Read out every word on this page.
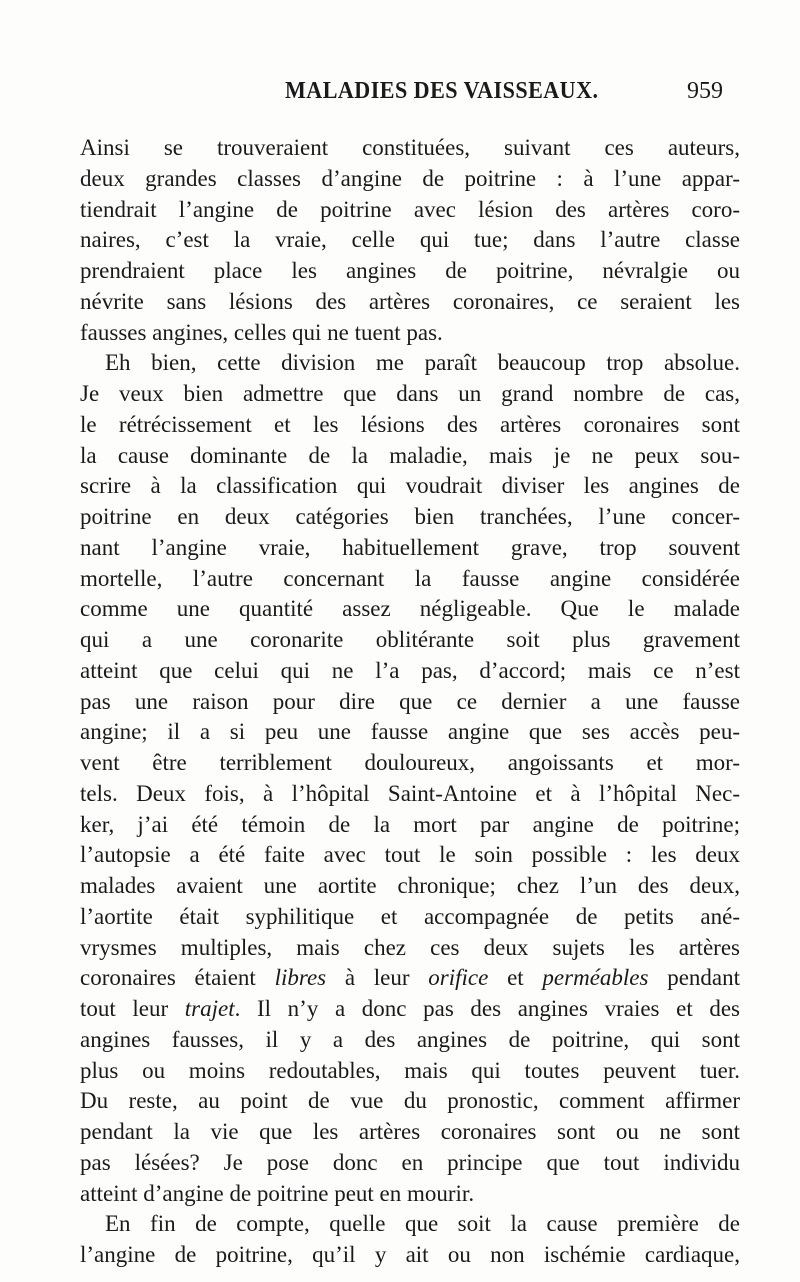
MALADIES DES VAISSEAUX.	959
Ainsi se trouveraient constituées, suivant ces auteurs,
deux grandes classes d’angine de poitrine : à l’une appar-
tiendrait l’angine de poitrine avec lésion des artères coro-
naires, c’est la vraie, celle qui tue; dans l’autre classe
prendraient place les angines de poitrine, névralgie ou
névrite sans lésions des artères coronaires, ce seraient les
fausses angines, celles qui ne tuent pas.
Eh bien, cette division me paraît beaucoup trop absolue.
Je veux bien admettre que dans un grand nombre de cas,
le rétrécissement et les lésions des artères coronaires sont
la cause dominante de la maladie, mais je ne peux sou-
scrire à la classification qui voudrait diviser les angines de
poitrine en deux catégories bien tranchées, l’une concer-
nant l’angine vraie, habituellement grave, trop souvent
mortelle, l’autre concernant la fausse angine considérée
comme une quantité assez négligeable. Que le malade
qui a une coronarite oblitérante soit plus gravement
atteint que celui qui ne l’a pas, d’accord; mais ce n’est
pas une raison pour dire que ce dernier a une fausse
angine; il a si peu une fausse angine que ses accès peu-
vent être terriblement douloureux, angoissants et mor-
tels. Deux fois, à l’hôpital Saint-Antoine et à l’hôpital Nec-
ker, j’ai été témoin de la mort par angine de poitrine;
l’autopsie a été faite avec tout le soin possible : les deux
malades avaient une aortite chronique; chez l’un des deux,
l’aortite était syphilitique et accompagnée de petits ané-
vrysmes multiples, mais chez ces deux sujets les artères
coronaires étaient libres à leur orifice et perméables pendant
tout leur trajet. Il n’y a donc pas des angines vraies et des
angines fausses, il y a des angines de poitrine, qui sont
plus ou moins redoutables, mais qui toutes peuvent tuer.
Du reste, au point de vue du pronostic, comment affirmer
pendant la vie que les artères coronaires sont ou ne sont
pas lésées? Je pose donc en principe que tout individu
atteint d’angine de poitrine peut en mourir.
En fin de compte, quelle que soit la cause première de
l’angine de poitrine, qu’il y ait ou non ischémie cardiaque,
